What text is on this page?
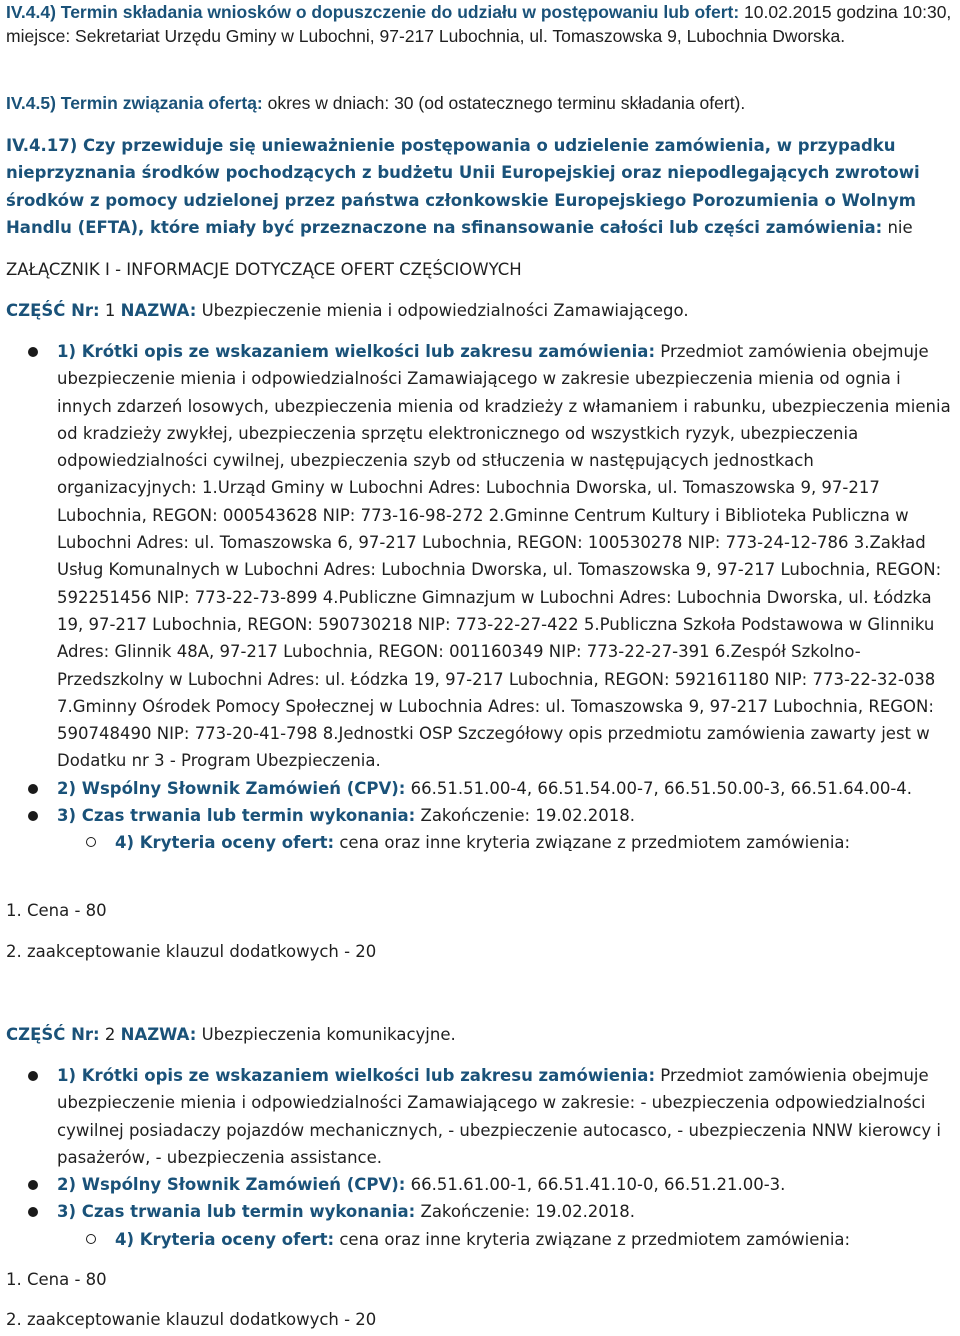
IV.4.4) Termin składania wniosków o dopuszczenie do udziału w postępowaniu lub ofert: 10.02.2015 godzina 10:30, miejsce: Sekretariat Urzędu Gminy w Lubochni, 97-217 Lubochnia, ul. Tomaszowska 9, Lubochnia Dworska.

IV.4.5) Termin związania ofertą: okres w dniach: 30 (od ostatecznego terminu składania ofert).

IV.4.17) Czy przewiduje się unieważnienie postępowania o udzielenie zamówienia, w przypadku nieprzyznania środków pochodzących z budżetu Unii Europejskiej oraz niepodlegających zwrotowi środków z pomocy udzielonej przez państwa członkowskie Europejskiego Porozumienia o Wolnym Handlu (EFTA), które miały być przeznaczone na sfinansowanie całości lub części zamówienia: nie

ZAŁĄCZNIK I - INFORMACJE DOTYCZĄCE OFERT CZĘŚCIOWYCH

CZĘŚĆ Nr: 1 NAZWA: Ubezpieczenie mienia i odpowiedzialności Zamawiającego.

1) Krótki opis ze wskazaniem wielkości lub zakresu zamówienia: Przedmiot zamówienia obejmuje ubezpieczenie mienia i odpowiedzialności Zamawiającego w zakresie ubezpieczenia mienia od ognia i innych zdarzeń losowych, ubezpieczenia mienia od kradzieży z włamaniem i rabunku, ubezpieczenia mienia od kradzieży zwykłej, ubezpieczenia sprzętu elektronicznego od wszystkich ryzyk, ubezpieczenia odpowiedzialności cywilnej, ubezpieczenia szyb od stłuczenia w następujących jednostkach organizacyjnych: 1.Urząd Gminy w Lubochni Adres: Lubochnia Dworska, ul. Tomaszowska 9, 97-217 Lubochnia, REGON: 000543628 NIP: 773-16-98-272 2.Gminne Centrum Kultury i Biblioteka Publiczna w Lubochni Adres: ul. Tomaszowska 6, 97-217 Lubochnia, REGON: 100530278 NIP: 773-24-12-786 3.Zakład Usług Komunalnych w Lubochni Adres: Lubochnia Dworska, ul. Tomaszowska 9, 97-217 Lubochnia, REGON: 592251456 NIP: 773-22-73-899 4.Publiczne Gimnazjum w Lubochni Adres: Lubochnia Dworska, ul. Łódzka 19, 97-217 Lubochnia, REGON: 590730218 NIP: 773-22-27-422 5.Publiczna Szkoła Podstawowa w Glinniku Adres: Glinnik 48A, 97-217 Lubochnia, REGON: 001160349 NIP: 773-22-27-391 6.Zespół Szkolno-Przedszkolny w Lubochni Adres: ul. Łódzka 19, 97-217 Lubochnia, REGON: 592161180 NIP: 773-22-32-038 7.Gminny Ośrodek Pomocy Społecznej w Lubochnia Adres: ul. Tomaszowska 9, 97-217 Lubochnia, REGON: 590748490 NIP: 773-20-41-798 8.Jednostki OSP Szczegółowy opis przedmiotu zamówienia zawarty jest w Dodatku nr 3 - Program Ubezpieczenia.
2) Wspólny Słownik Zamówień (CPV): 66.51.51.00-4, 66.51.54.00-7, 66.51.50.00-3, 66.51.64.00-4.
3) Czas trwania lub termin wykonania: Zakończenie: 19.02.2018.
4) Kryteria oceny ofert: cena oraz inne kryteria związane z przedmiotem zamówienia:

1. Cena - 80

2. zaakceptowanie klauzul dodatkowych - 20

CZĘŚĆ Nr: 2 NAZWA: Ubezpieczenia komunikacyjne.

1) Krótki opis ze wskazaniem wielkości lub zakresu zamówienia: Przedmiot zamówienia obejmuje ubezpieczenie mienia i odpowiedzialności Zamawiającego w zakresie: - ubezpieczenia odpowiedzialności cywilnej posiadaczy pojazdów mechanicznych, - ubezpieczenie autocasco, - ubezpieczenia NNW kierowcy i pasażerów, - ubezpieczenia assistance.
2) Wspólny Słownik Zamówień (CPV): 66.51.61.00-1, 66.51.41.10-0, 66.51.21.00-3.
3) Czas trwania lub termin wykonania: Zakończenie: 19.02.2018.
4) Kryteria oceny ofert: cena oraz inne kryteria związane z przedmiotem zamówienia:

1. Cena - 80

2. zaakceptowanie klauzul dodatkowych - 20
